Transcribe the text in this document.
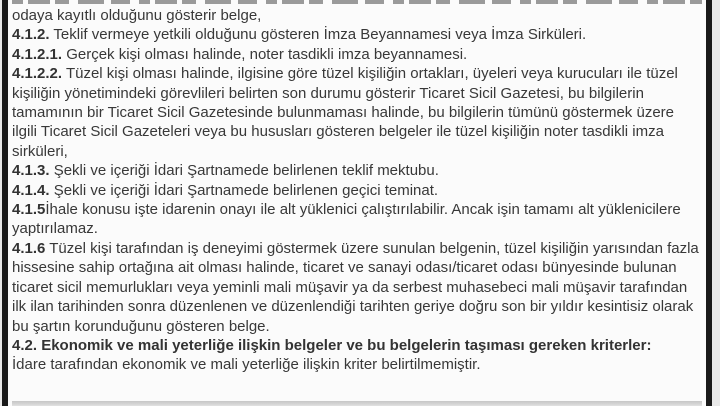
odaya kayıtlı olduğunu gösterir belge,

4.1.2. Teklif vermeye yetkili olduğunu gösteren İmza Beyannamesi veya İmza Sirküleri.

4.1.2.1. Gerçek kişi olması halinde, noter tasdikli imza beyannamesi.

4.1.2.2. Tüzel kişi olması halinde, ilgisine göre tüzel kişiliğin ortakları, üyeleri veya kurucuları ile tüzel kişiliğin yönetimindeki görevlileri belirten son durumu gösterir Ticaret Sicil Gazetesi, bu bilgilerin tamamının bir Ticaret Sicil Gazetesinde bulunmaması halinde, bu bilgilerin tümünü göstermek üzere ilgili Ticaret Sicil Gazeteleri veya bu hususları gösteren belgeler ile tüzel kişiliğin noter tasdikli imza sirküleri,

4.1.3. Şekli ve içeriği İdari Şartnamede belirlenen teklif mektubu.

4.1.4. Şekli ve içeriği İdari Şartnamede belirlenen geçici teminat.

4.1.5İhale konusu işte idarenin onayı ile alt yüklenici çalıştırılabilir. Ancak işin tamamı alt yüklenicilere yaptırılamaz.

4.1.6 Tüzel kişi tarafından iş deneyimi göstermek üzere sunulan belgenin, tüzel kişiliğin yarısından fazla hissesine sahip ortağına ait olması halinde, ticaret ve sanayi odası/ticaret odası bünyesinde bulunan ticaret sicil memurlukları veya yeminli mali müşavir ya da serbest muhasebeci mali müşavir tarafından ilk ilan tarihinden sonra düzenlenen ve düzenlendiği tarihten geriye doğru son bir yıldır kesintisiz olarak bu şartın korunduğunu gösteren belge.

4.2. Ekonomik ve mali yeterliğe ilişkin belgeler ve bu belgelerin taşıması gereken kriterler:

İdare tarafından ekonomik ve mali yeterliğe ilişkin kriter belirtilmemiştir.
